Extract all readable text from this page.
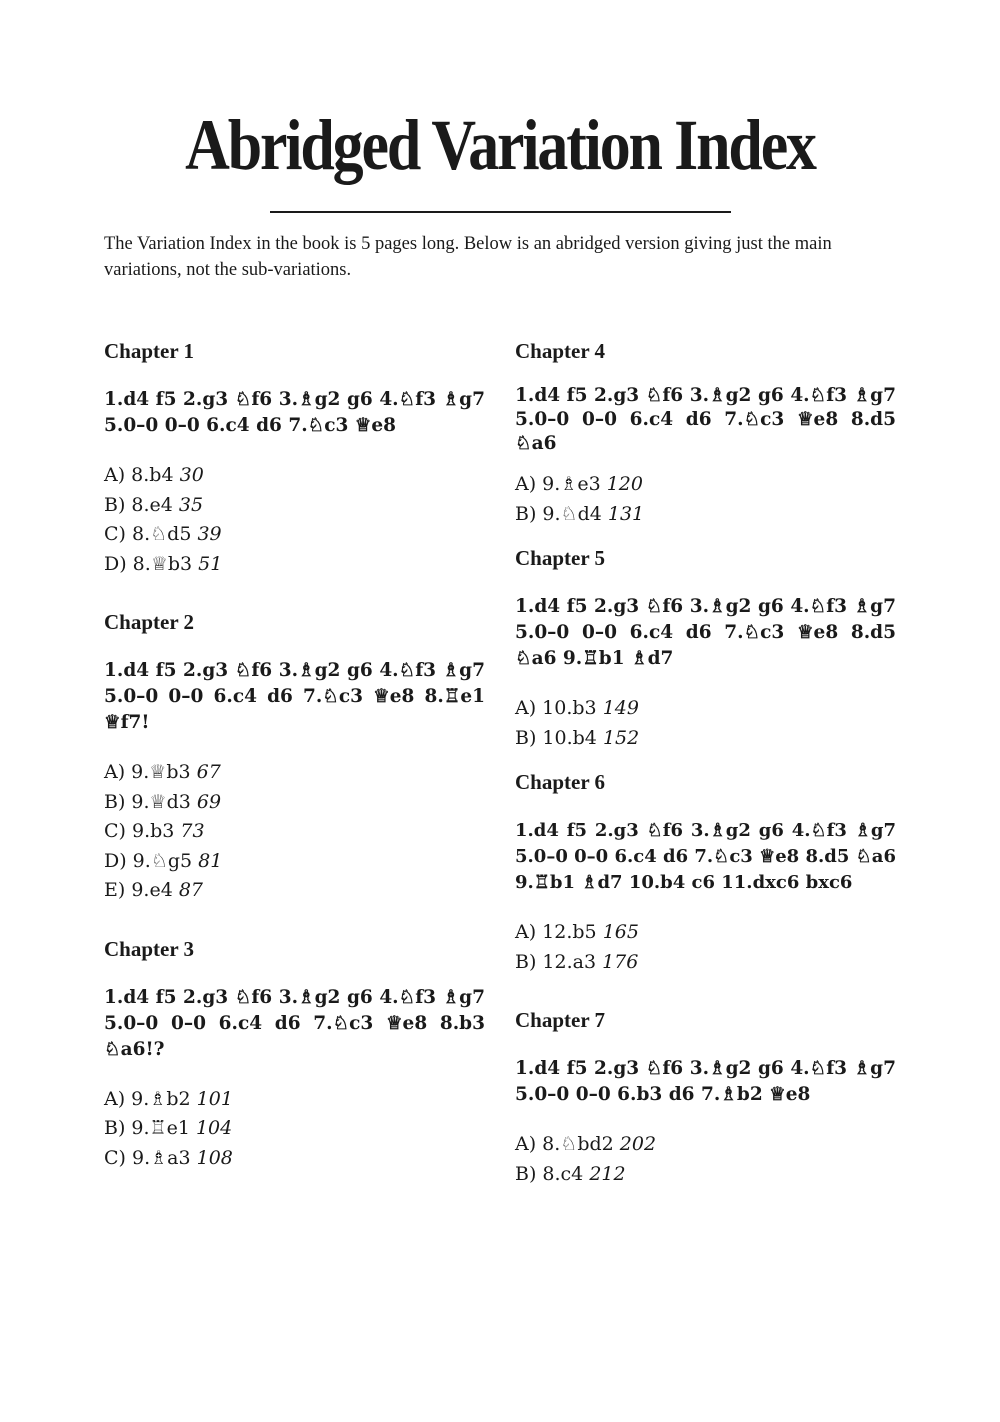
Abridged Variation Index

The Variation Index in the book is 5 pages long. Below is an abridged version giving just the main variations, not the sub-variations.

Chapter 1

1.d4 f5 2.g3 ♘f6 3.♗g2 g6 4.♘f3 ♗g7 5.0–0 0–0 6.c4 d6 7.♘c3 ♕e8

A) 8.b4 30
B) 8.e4 35
C) 8.♘d5 39
D) 8.♕b3 51
Chapter 2

1.d4 f5 2.g3 ♘f6 3.♗g2 g6 4.♘f3 ♗g7 5.0–0 0–0 6.c4 d6 7.♘c3 ♕e8 8.♖e1 ♕f7!

A) 9.♕b3 67
B) 9.♕d3 69
C) 9.b3 73
D) 9.♘g5 81
E) 9.e4 87
Chapter 3

1.d4 f5 2.g3 ♘f6 3.♗g2 g6 4.♘f3 ♗g7 5.0–0 0–0 6.c4 d6 7.♘c3 ♕e8 8.b3 ♘a6!?

A) 9.♗b2 101
B) 9.♖e1 104
C) 9.♗a3 108
Chapter 4

1.d4 f5 2.g3 ♘f6 3.♗g2 g6 4.♘f3 ♗g7 5.0–0 0–0 6.c4 d6 7.♘c3 ♕e8 8.d5 ♘a6

A) 9.♗e3 120
B) 9.♘d4 131
Chapter 5

1.d4 f5 2.g3 ♘f6 3.♗g2 g6 4.♘f3 ♗g7 5.0–0 0–0 6.c4 d6 7.♘c3 ♕e8 8.d5 ♘a6 9.♖b1 ♗d7

A) 10.b3 149
B) 10.b4 152
Chapter 6

1.d4 f5 2.g3 ♘f6 3.♗g2 g6 4.♘f3 ♗g7 5.0–0 0–0 6.c4 d6 7.♘c3 ♕e8 8.d5 ♘a6 9.♖b1 ♗d7 10.b4 c6 11.dxc6 bxc6

A) 12.b5 165
B) 12.a3 176
Chapter 7

1.d4 f5 2.g3 ♘f6 3.♗g2 g6 4.♘f3 ♗g7 5.0–0 0–0 6.b3 d6 7.♗b2 ♕e8

A) 8.♘bd2 202
B) 8.c4 212
